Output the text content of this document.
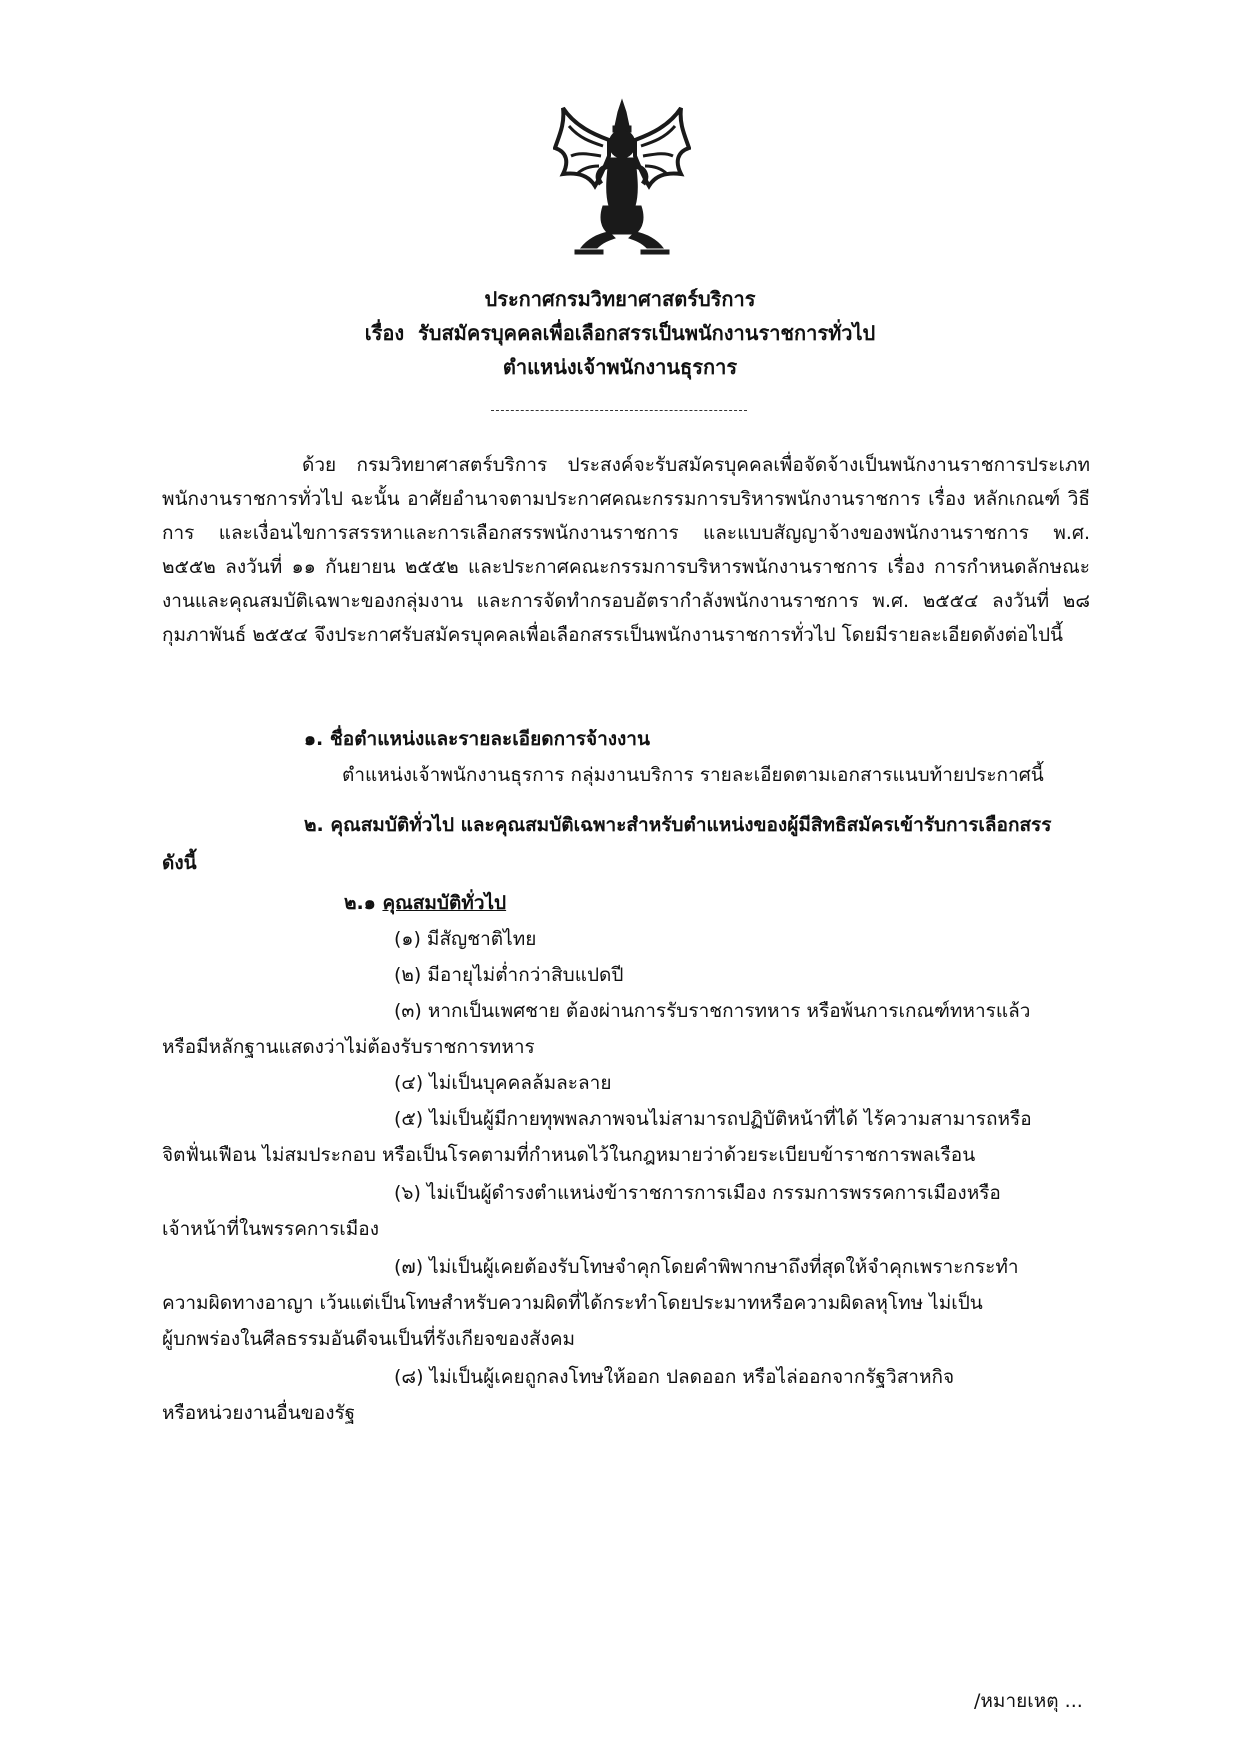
ประกาศกรมวิทยาศาสตร์บริการ
เรื่อง  รับสมัครบุคคลเพื่อเลือกสรรเป็นพนักงานราชการทั่วไป
ตำแหน่งเจ้าพนักงานธุรการ

ด้วย กรมวิทยาศาสตร์บริการ ประสงค์จะรับสมัครบุคคลเพื่อจัดจ้างเป็นพนักงานราชการประเภทพนักงานราชการทั่วไป ฉะนั้น อาศัยอำนาจตามประกาศคณะกรรมการบริหารพนักงานราชการ เรื่อง หลักเกณฑ์ วิธีการ และเงื่อนไขการสรรหาและการเลือกสรรพนักงานราชการ และแบบสัญญาจ้างของพนักงานราชการ พ.ศ. ๒๕๕๒ ลงวันที่ ๑๑ กันยายน ๒๕๕๒ และประกาศคณะกรรมการบริหารพนักงานราชการ เรื่อง การกำหนดลักษณะงานและคุณสมบัติเฉพาะของกลุ่มงาน และการจัดทำกรอบอัตรากำลังพนักงานราชการ พ.ศ. ๒๕๕๔ ลงวันที่ ๒๘ กุมภาพันธ์ ๒๕๕๔ จึงประกาศรับสมัครบุคคลเพื่อเลือกสรรเป็นพนักงานราชการทั่วไป โดยมีรายละเอียดดังต่อไปนี้

๑. ชื่อตำแหน่งและรายละเอียดการจ้างงาน
ตำแหน่งเจ้าพนักงานธุรการ กลุ่มงานบริการ รายละเอียดตามเอกสารแนบท้ายประกาศนี้
๒. คุณสมบัติทั่วไป และคุณสมบัติเฉพาะสำหรับตำแหน่งของผู้มีสิทธิสมัครเข้ารับการเลือกสรร
ดังนี้
๒.๑ คุณสมบัติทั่วไป
(๑) มีสัญชาติไทย
(๒) มีอายุไม่ต่ำกว่าสิบแปดปี
(๓) หากเป็นเพศชาย ต้องผ่านการรับราชการทหาร หรือพ้นการเกณฑ์ทหารแล้ว
หรือมีหลักฐานแสดงว่าไม่ต้องรับราชการทหาร
(๔) ไม่เป็นบุคคลล้มละลาย
(๕) ไม่เป็นผู้มีกายทุพพลภาพจนไม่สามารถปฏิบัติหน้าที่ได้ ไร้ความสามารถหรือ
จิตฟั่นเฟือน ไม่สมประกอบ หรือเป็นโรคตามที่กำหนดไว้ในกฎหมายว่าด้วยระเบียบข้าราชการพลเรือน
(๖) ไม่เป็นผู้ดำรงตำแหน่งข้าราชการการเมือง กรรมการพรรคการเมืองหรือ
เจ้าหน้าที่ในพรรคการเมือง
(๗) ไม่เป็นผู้เคยต้องรับโทษจำคุกโดยคำพิพากษาถึงที่สุดให้จำคุกเพราะกระทำ
ความผิดทางอาญา เว้นแต่เป็นโทษสำหรับความผิดที่ได้กระทำโดยประมาทหรือความผิดลหุโทษ ไม่เป็น
ผู้บกพร่องในศีลธรรมอันดีจนเป็นที่รังเกียจของสังคม
(๘) ไม่เป็นผู้เคยถูกลงโทษให้ออก ปลดออก หรือไล่ออกจากรัฐวิสาหกิจ
หรือหน่วยงานอื่นของรัฐ
/หมายเหตุ ...
